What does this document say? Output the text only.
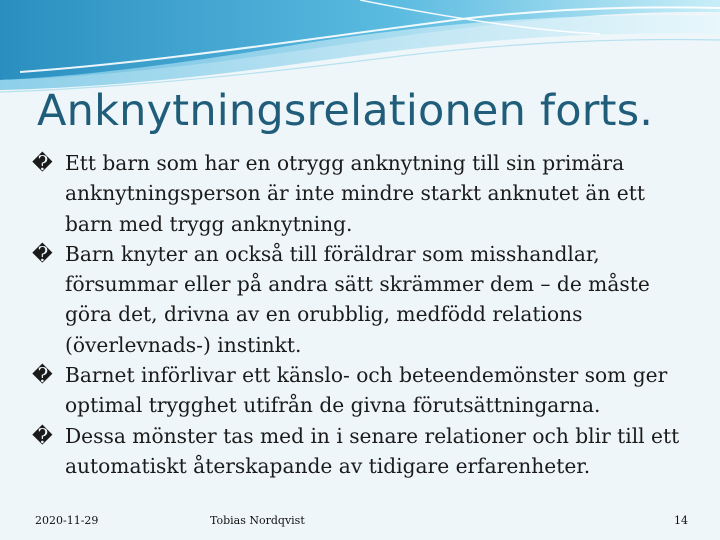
Anknytningsrelationen forts.
� Ett barn som har en otrygg anknytning till sin primära anknytningsperson är inte mindre starkt anknutet än ett barn med trygg anknytning.
� Barn knyter an också till föräldrar som misshandlar, försummar eller på andra sätt skrämmer dem – de måste göra det, drivna av en orubblig, medfödd relations (överlevnads-) instinkt.
� Barnet införlivar ett känslo- och beteendemönster som ger optimal trygghet utifrån de givna förutsättningarna.
� Dessa mönster tas med in i senare relationer och blir till ett automatiskt återskapande av tidigare erfarenheter.
2020-11-29	Tobias Nordqvist	14
